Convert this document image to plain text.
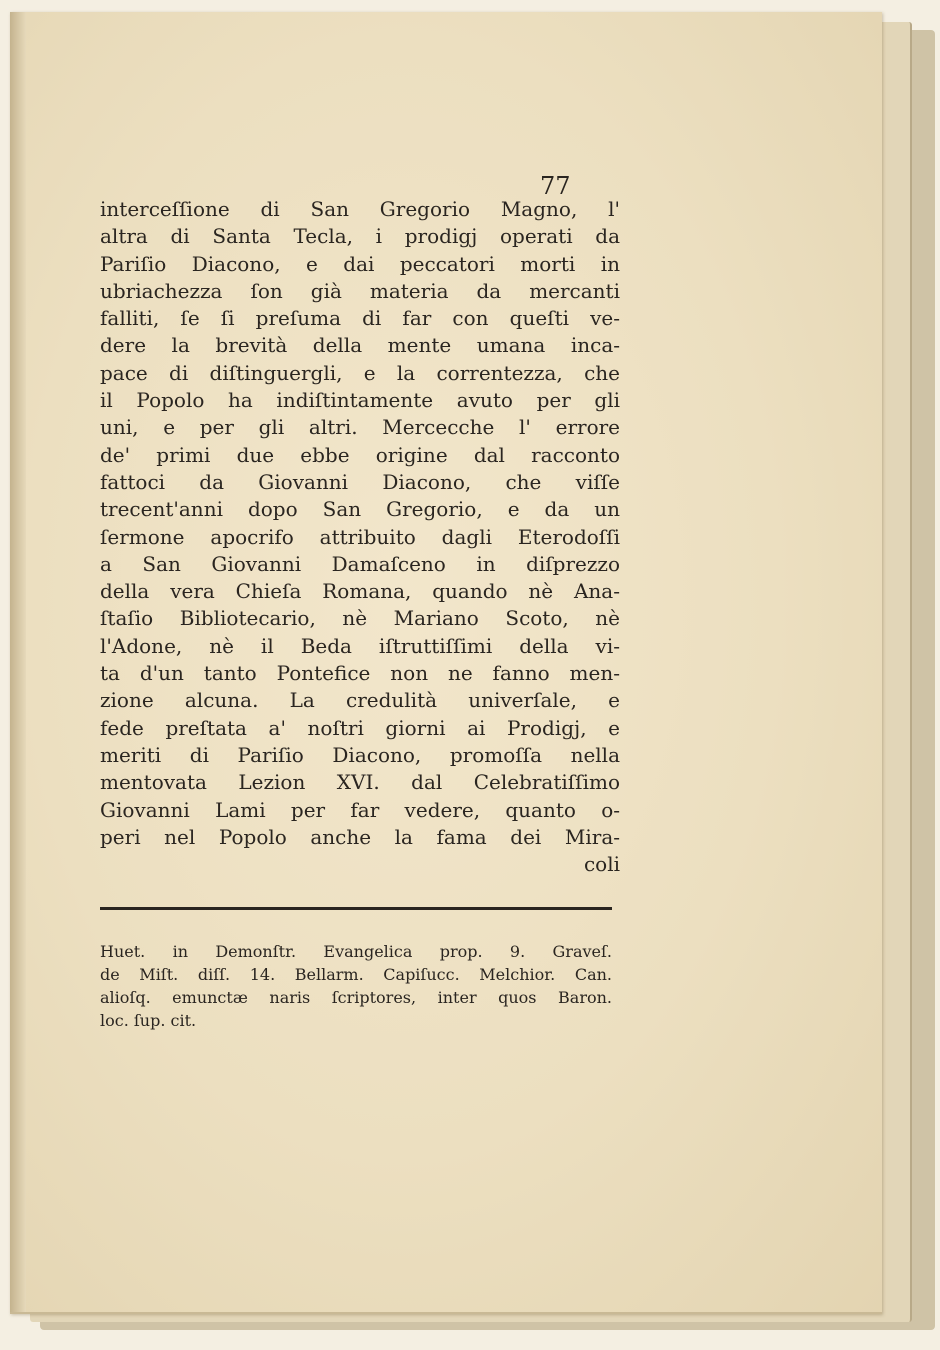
77

interceſſione di San Gregorio Magno, l'
altra di Santa Tecla, i prodigj operati da
Pariſio Diacono, e dai peccatori morti in
ubriachezza ſon già materia da mercanti
falliti, ſe ſi preſuma di far con queſti ve-
dere la brevità della mente umana inca-
pace di diſtinguergli, e la correntezza, che
il Popolo ha indiſtintamente avuto per gli
uni, e per gli altri. Mercecche l' errore
de' primi due ebbe origine dal racconto
fattoci da Giovanni Diacono, che viſſe
trecent'anni dopo San Gregorio, e da un
ſermone apocrifo attribuito dagli Eterodoſſi
a San Giovanni Damaſceno in diſprezzo
della vera Chieſa Romana, quando nè Ana-
ſtaſio Bibliotecario, nè Mariano Scoto, nè
l'Adone, nè il Beda iſtruttiſſimi della vi-
ta d'un tanto Pontefice non ne fanno men-
zione alcuna. La credulità univerſale, e
fede preſtata a' noſtri giorni ai Prodigj, e
meriti di Pariſio Diacono, promoſſa nella
mentovata Lezion XVI. dal Celebratiſſimo
Giovanni Lami per far vedere, quanto o-
peri nel Popolo anche la fama dei Mira-
coli
Huet. in Demonſtr. Evangelica prop. 9. Graveſ.
de Miſt. diſſ. 14. Bellarm. Capiſucc. Melchior. Can.
alioſq. emunctæ naris ſcriptores, inter quos Baron.
loc. ſup. cit.
